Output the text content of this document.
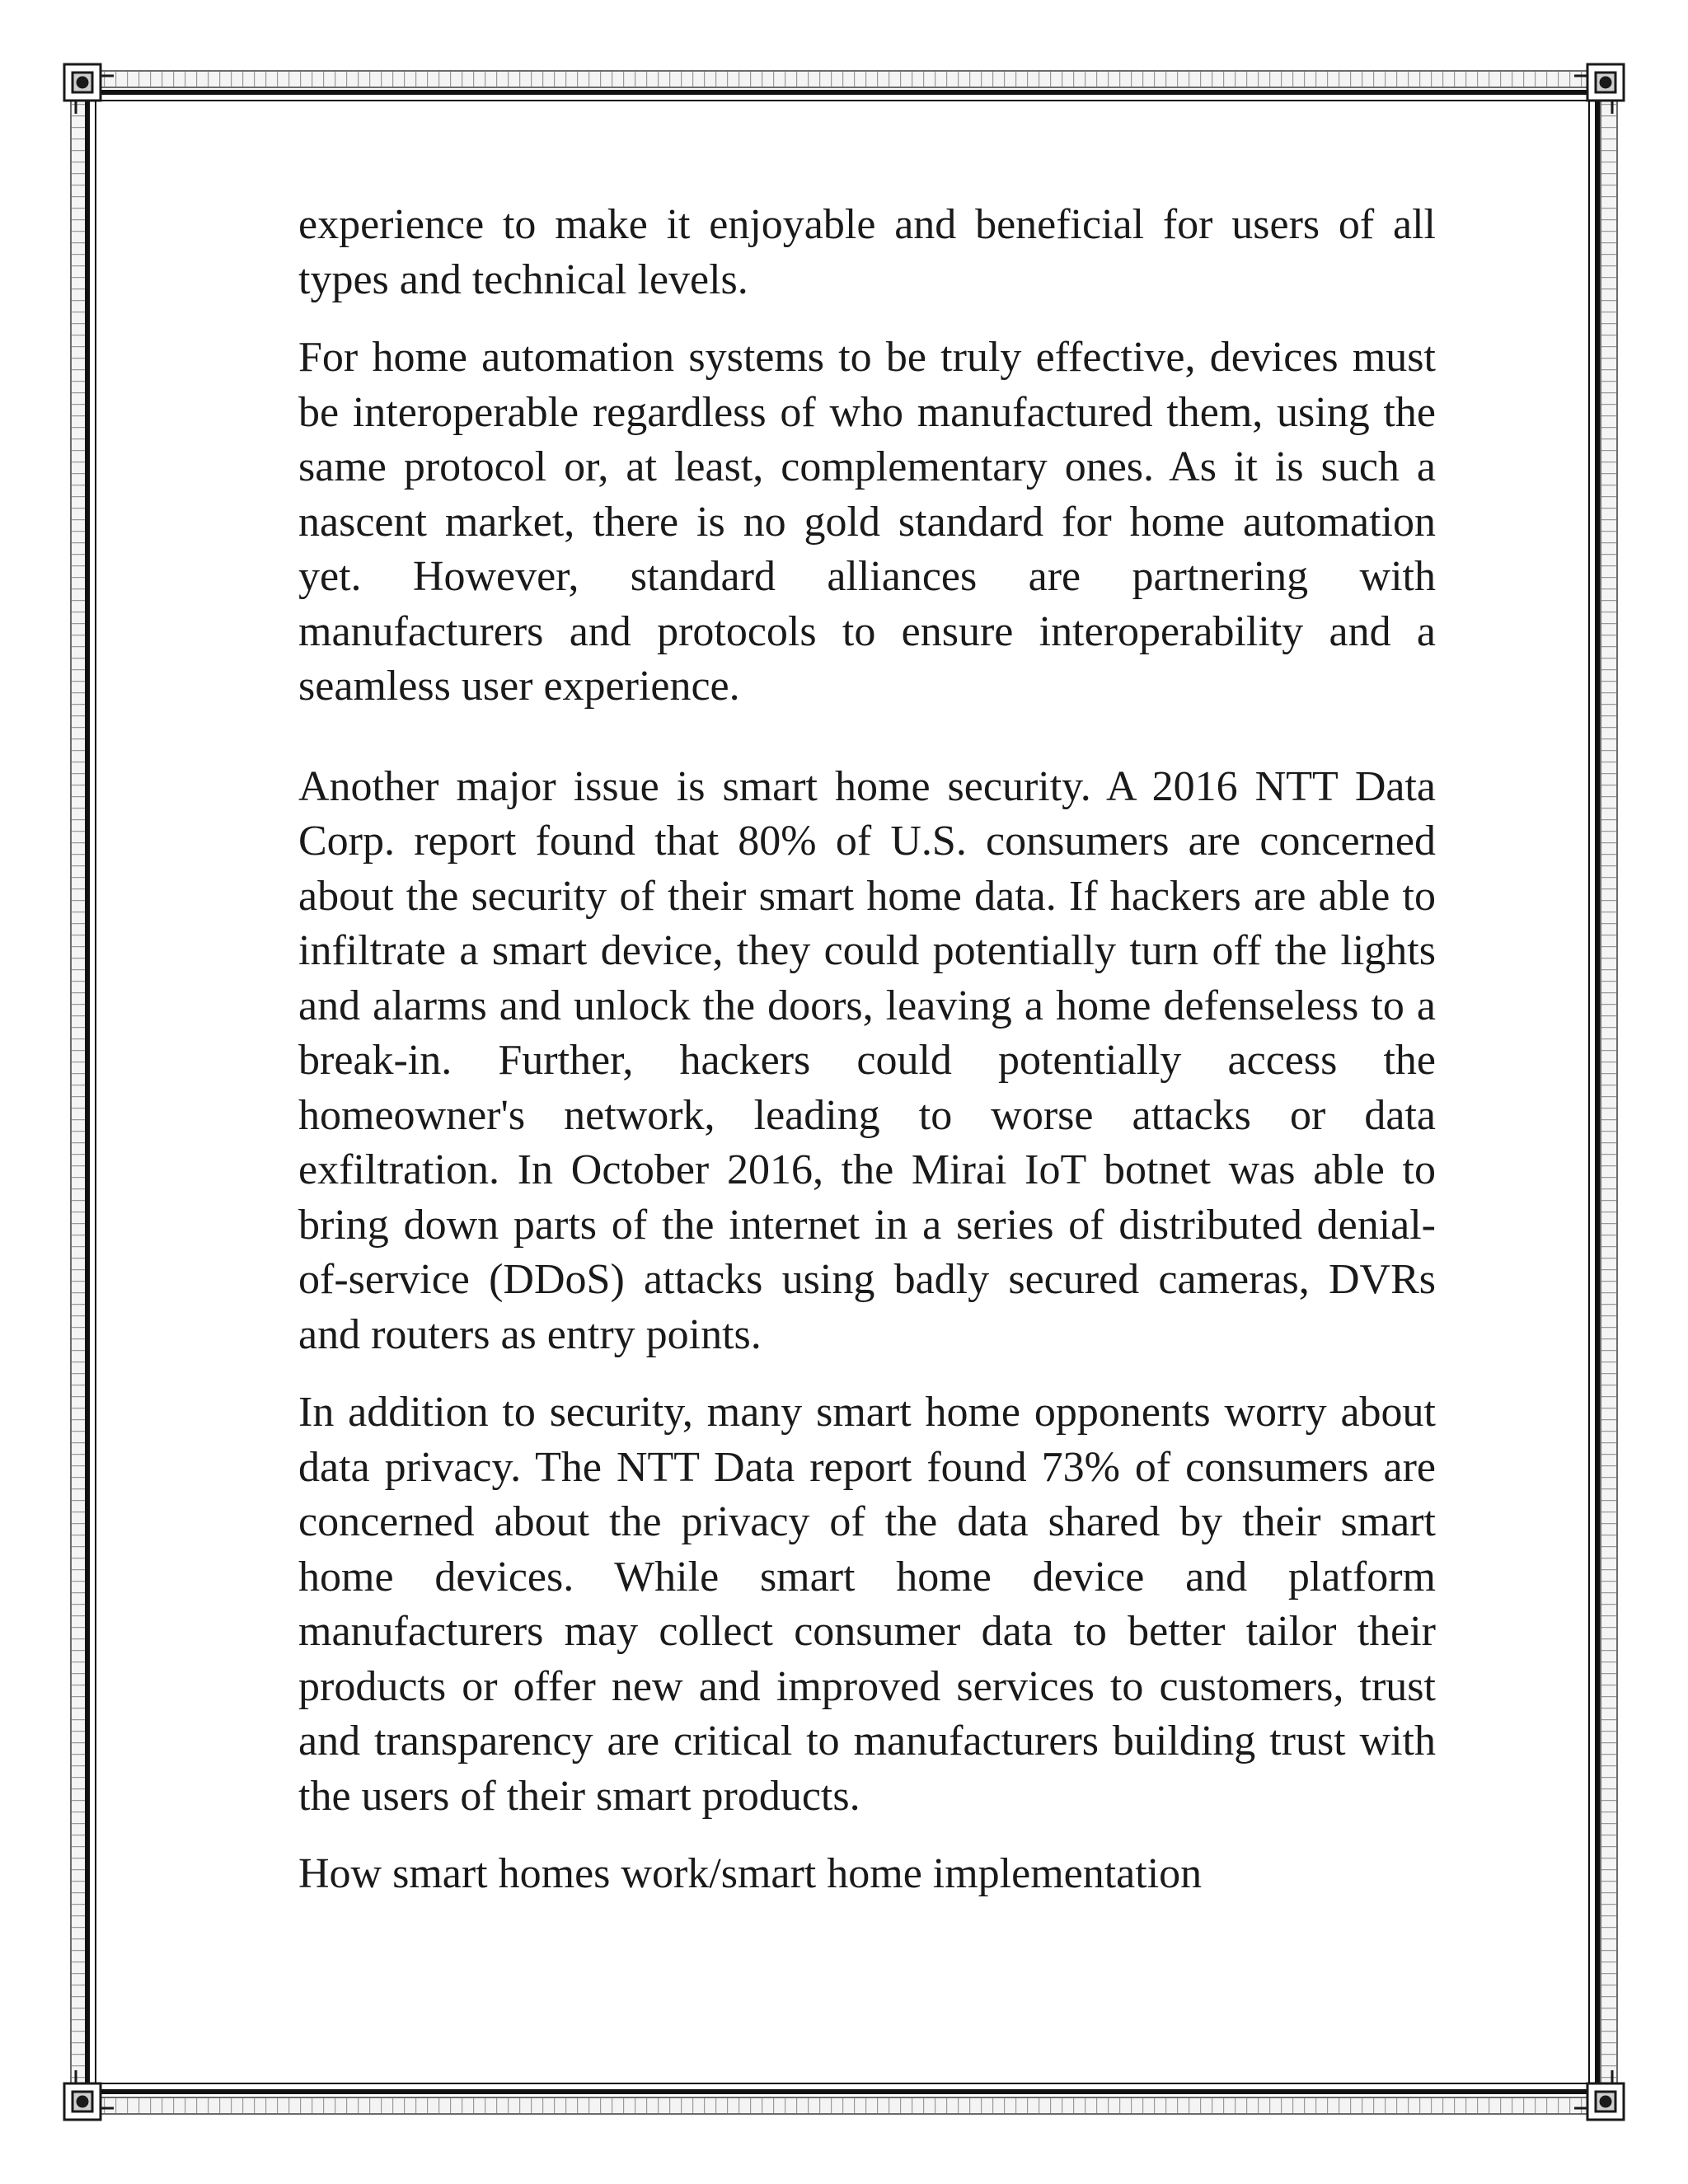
experience to make it enjoyable and beneficial for users of all types and technical levels.

For home automation systems to be truly effective, devices must be interoperable regardless of who manufactured them, using the same protocol or, at least, complementary ones. As it is such a nascent market, there is no gold standard for home automation yet. However, standard alliances are partnering with manufacturers and protocols to ensure interoperability and a seamless user experience.

Another major issue is smart home security. A 2016 NTT Data Corp. report found that 80% of U.S. consumers are concerned about the security of their smart home data. If hackers are able to infiltrate a smart device, they could potentially turn off the lights and alarms and unlock the doors, leaving a home defenseless to a break-in. Further, hackers could potentially access the homeowner's network, leading to worse attacks or data exfiltration. In October 2016, the Mirai IoT botnet was able to bring down parts of the internet in a series of distributed denial-of-service (DDoS) attacks using badly secured cameras, DVRs and routers as entry points.

In addition to security, many smart home opponents worry about data privacy. The NTT Data report found 73% of consumers are concerned about the privacy of the data shared by their smart home devices. While smart home device and platform manufacturers may collect consumer data to better tailor their products or offer new and improved services to customers, trust and transparency are critical to manufacturers building trust with the users of their smart products.

How smart homes work/smart home implementation
